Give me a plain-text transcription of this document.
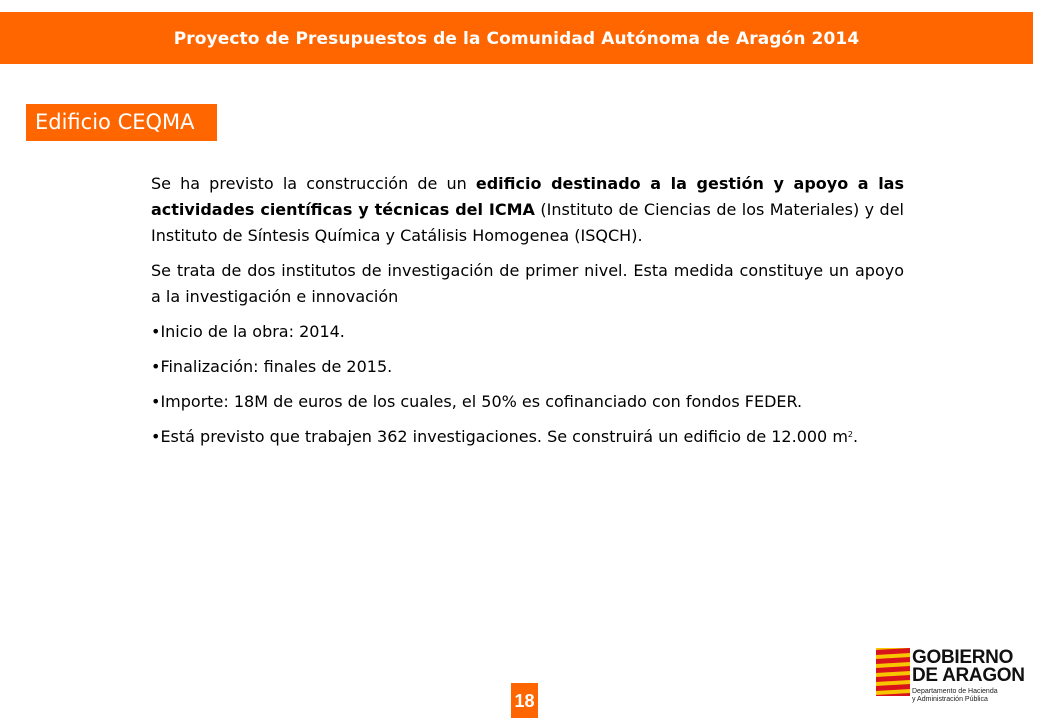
Proyecto de Presupuestos de la Comunidad Autónoma de Aragón 2014
Edificio CEQMA

Se ha previsto la construcción de un edificio destinado a la gestión y apoyo a las actividades científicas y técnicas del ICMA (Instituto de Ciencias de los Materiales) y del Instituto de Síntesis Química y Catálisis Homogenea (ISQCH).

Se trata de dos institutos de investigación de primer nivel. Esta medida constituye un apoyo a la investigación e innovación

•Inicio de la obra: 2014.

•Finalización: finales de 2015.

•Importe: 18M de euros de los cuales, el 50% es cofinanciado con fondos FEDER.

•Está previsto que trabajen 362 investigaciones. Se construirá un edificio de 12.000 $m^2$.

18
GOBIERNO
DE ARAGON
Departamento de Hacienda
y Administración Pública
